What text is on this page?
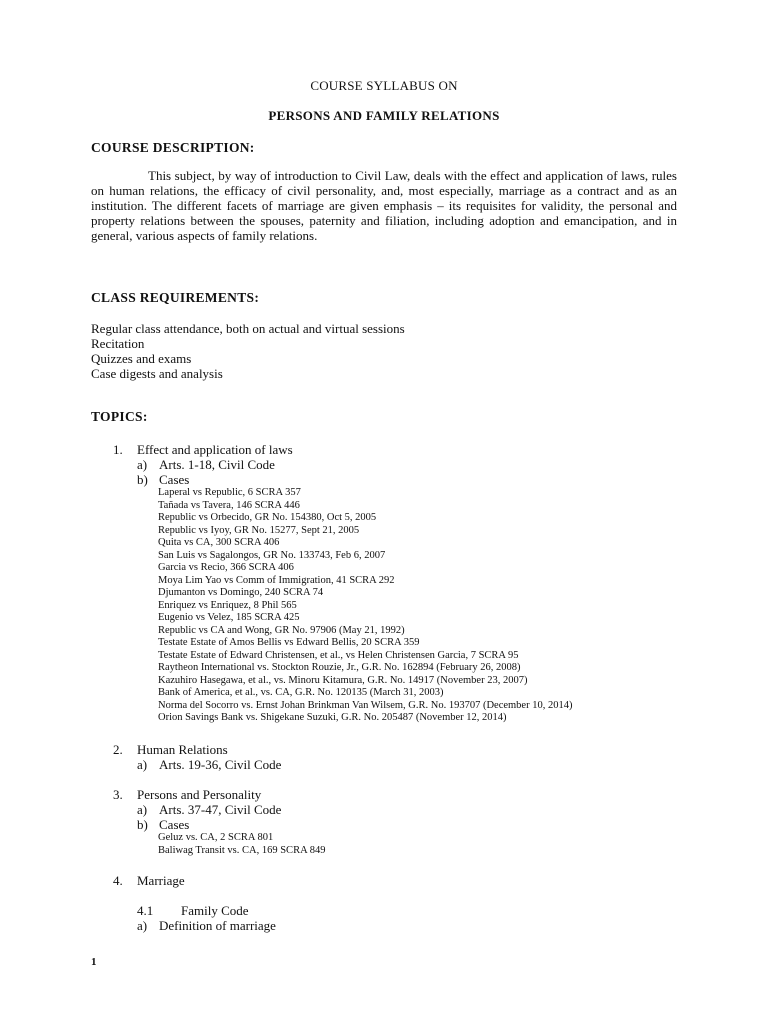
COURSE SYLLABUS ON
PERSONS AND FAMILY RELATIONS
COURSE DESCRIPTION:
This subject, by way of introduction to Civil Law, deals with the effect and application of laws, rules on human relations, the efficacy of civil personality, and, most especially, marriage as a contract and as an institution. The different facets of marriage are given emphasis – its requisites for validity, the personal and property relations between the spouses, paternity and filiation, including adoption and emancipation, and in general, various aspects of family relations.
CLASS REQUIREMENTS:
Regular class attendance, both on actual and virtual sessions
Recitation
Quizzes and exams
Case digests and analysis
TOPICS:
1. Effect and application of laws
a) Arts. 1-18, Civil Code
b) Cases
Laperal vs Republic, 6 SCRA 357
Tañada vs Tavera, 146 SCRA 446
Republic vs Orbecido, GR No. 154380, Oct 5, 2005
Republic vs Iyoy, GR No. 15277, Sept 21, 2005
Quita vs CA, 300 SCRA 406
San Luis vs Sagalongos, GR No. 133743, Feb 6, 2007
Garcia vs Recio, 366 SCRA 406
Moya Lim Yao vs Comm of Immigration, 41 SCRA 292
Djumanton vs Domingo, 240 SCRA 74
Enriquez vs Enriquez, 8 Phil 565
Eugenio vs Velez, 185 SCRA 425
Republic vs CA and Wong, GR No. 97906 (May 21, 1992)
Testate Estate of Amos Bellis vs Edward Bellis, 20 SCRA 359
Testate Estate of Edward Christensen, et al., vs Helen Christensen Garcia, 7 SCRA 95
Raytheon International vs. Stockton Rouzie, Jr., G.R. No. 162894 (February 26, 2008)
Kazuhiro Hasegawa, et al., vs. Minoru Kitamura, G.R. No. 14917 (November 23, 2007)
Bank of America, et al., vs. CA, G.R. No. 120135 (March 31, 2003)
Norma del Socorro vs. Ernst Johan Brinkman Van Wilsem, G.R. No. 193707 (December 10, 2014)
Orion Savings Bank vs. Shigekane Suzuki, G.R. No. 205487 (November 12, 2014)
2. Human Relations
a) Arts. 19-36, Civil Code
3. Persons and Personality
a) Arts. 37-47, Civil Code
b) Cases
Geluz vs. CA, 2 SCRA 801
Baliwag Transit vs. CA, 169 SCRA 849
4. Marriage
4.1 Family Code
a) Definition of marriage
1
